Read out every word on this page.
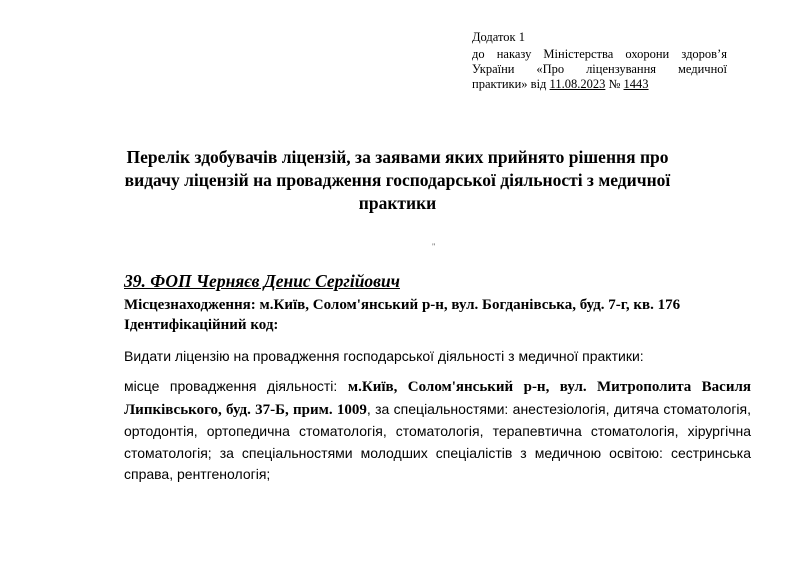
Додаток 1
до наказу Міністерства охорони здоров’я України «Про ліцензування медичної практики» від 11.08.2023 № 1443
Перелік здобувачів ліцензій, за заявами яких прийнято рішення про видачу ліцензій на провадження господарської діяльності з медичної практики
"
39. ФОП Черняєв Денис Сергійович
Місцезнаходження: м.Київ, Солом'янський р-н, вул. Богданівська, буд. 7-г, кв. 176
Ідентифікаційний код:

Видати ліцензію на провадження господарської діяльності з медичної практики:

місце провадження діяльності: м.Київ, Солом'янський р-н, вул. Митрополита Василя Липківського, буд. 37-Б, прим. 1009, за спеціальностями: анестезіологія, дитяча стоматологія, ортодонтія, ортопедична стоматологія, стоматологія, терапевтична стоматологія, хірургічна стоматологія; за спеціальностями молодших спеціалістів з медичною освітою: сестринська справа, рентгенологія;
